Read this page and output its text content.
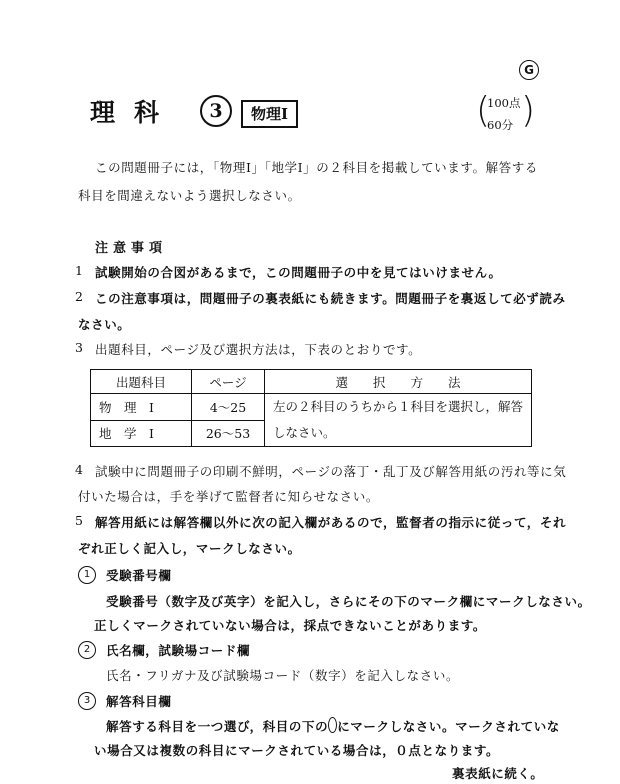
G
理科	3	物理Ⅰ	( )
100点
60分
この問題冊子には，「物理Ⅰ」「地学Ⅰ」の２科目を掲載しています。解答する
科目を間違えないよう選択しなさい。
注意事項
1 試験開始の合図があるまで，この問題冊子の中を見てはいけません。
2 この注意事項は，問題冊子の裏表紙にも続きます。問題冊子を裏返して必ず読み
なさい。
3 出題科目，ページ及び選択方法は，下表のとおりです。
出題科目	ページ	選　　択　　方　　法
物　理　Ⅰ	4〜25	左の２科目のうちから１科目を選択し，解答
しなさい。
地　学　Ⅰ	26〜53	
4 試験中に問題冊子の印刷不鮮明，ページの落丁・乱丁及び解答用紙の汚れ等に気
付いた場合は，手を挙げて監督者に知らせなさい。
5 解答用紙には解答欄以外に次の記入欄があるので，監督者の指示に従って，それ
ぞれ正しく記入し，マークしなさい。
1	受験番号欄
受験番号（数字及び英字）を記入し，さらにその下のマーク欄にマークしなさい。
正しくマークされていない場合は，採点できないことがあります。
2	氏名欄，試験場コード欄
氏名・フリガナ及び試験場コード（数字）を記入しなさい。
3	解答科目欄
解答する科目を一つ選び，科目の下の にマークしなさい。マークされていな
い場合又は複数の科目にマークされている場合は，０点となります。
裏表紙に続く。
